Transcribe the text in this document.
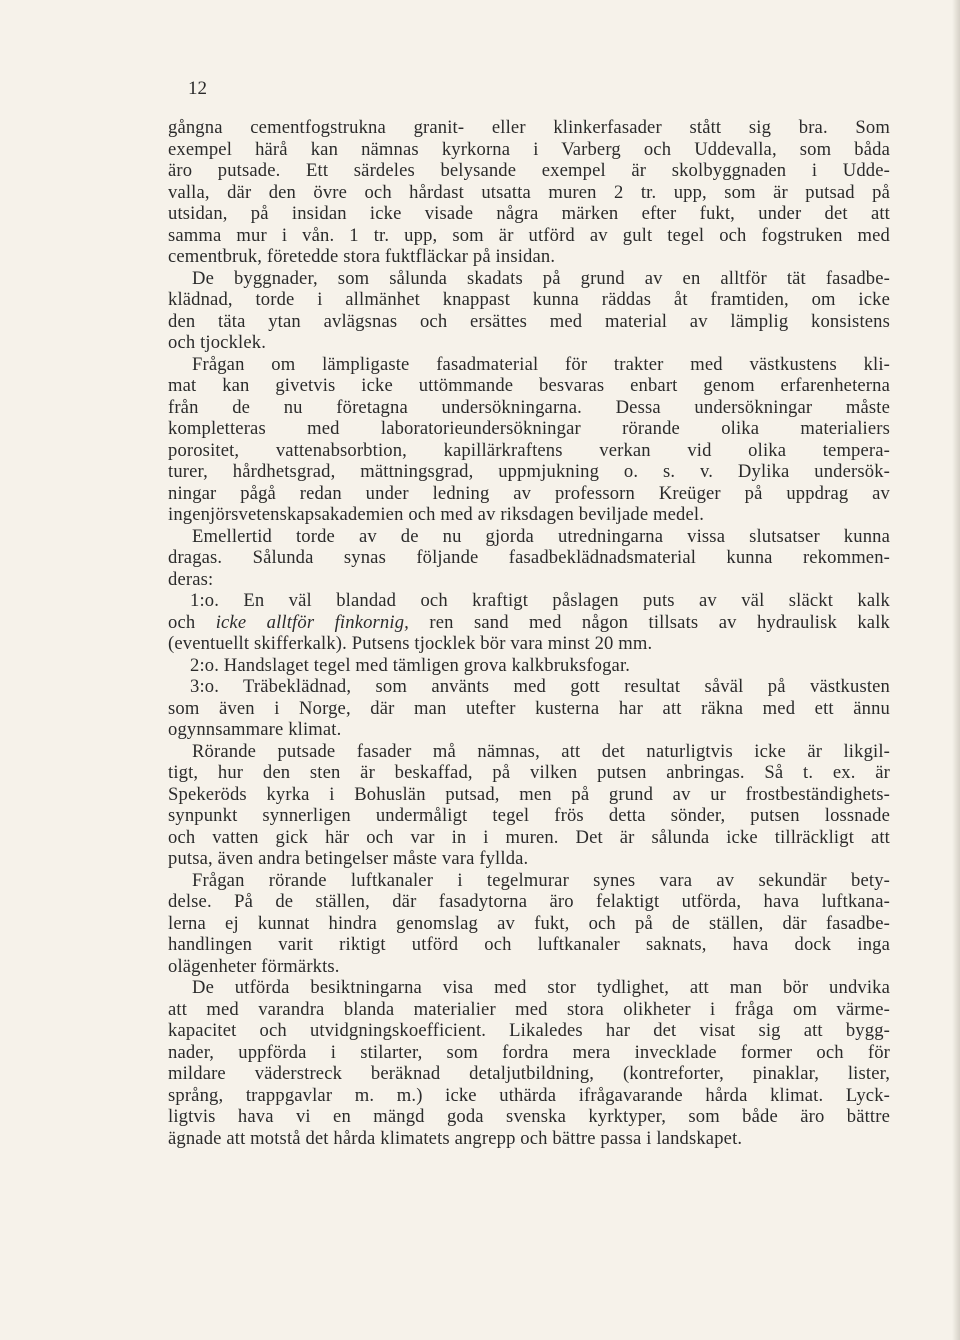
12
gångna cementfogstrukna granit- eller klinkerfasader stått sig bra. Som
exempel härå kan nämnas kyrkorna i Varberg och Uddevalla, som båda
äro putsade. Ett särdeles belysande exempel är skolbyggnaden i Udde-
valla, där den övre och hårdast utsatta muren 2 tr. upp, som är putsad på
utsidan, på insidan icke visade några märken efter fukt, under det att
samma mur i vån. 1 tr. upp, som är utförd av gult tegel och fogstruken med
cementbruk, företedde stora fuktfläckar på insidan.
De byggnader, som sålunda skadats på grund av en alltför tät fasadbe-
klädnad, torde i allmänhet knappast kunna räddas åt framtiden, om icke
den täta ytan avlägsnas och ersättes med material av lämplig konsistens
och tjocklek.
Frågan om lämpligaste fasadmaterial för trakter med västkustens kli-
mat kan givetvis icke uttömmande besvaras enbart genom erfarenheterna
från de nu företagna undersökningarna. Dessa undersökningar måste
kompletteras med laboratorieundersökningar rörande olika materialiers
porositet, vattenabsorbtion, kapillärkraftens verkan vid olika tempera-
turer, hårdhetsgrad, mättningsgrad, uppmjukning o. s. v. Dylika undersök-
ningar pågå redan under ledning av professorn Kreüger på uppdrag av
ingenjörsvetenskapsakademien och med av riksdagen beviljade medel.
Emellertid torde av de nu gjorda utredningarna vissa slutsatser kunna
dragas. Sålunda synas följande fasadbeklädnadsmaterial kunna rekommen-
deras:
1:o. En väl blandad och kraftigt påslagen puts av väl släckt kalk
och icke alltför finkornig, ren sand med någon tillsats av hydraulisk kalk
(eventuellt skifferkalk). Putsens tjocklek bör vara minst 20 mm.
2:o. Handslaget tegel med tämligen grova kalkbruksfogar.
3:o. Träbeklädnad, som använts med gott resultat såväl på västkusten
som även i Norge, där man utefter kusterna har att räkna med ett ännu
ogynnsammare klimat.
Rörande putsade fasader må nämnas, att det naturligtvis icke är likgil-
tigt, hur den sten är beskaffad, på vilken putsen anbringas. Så t. ex. är
Spekeröds kyrka i Bohuslän putsad, men på grund av ur frostbeständighets-
synpunkt synnerligen undermåligt tegel frös detta sönder, putsen lossnade
och vatten gick här och var in i muren. Det är sålunda icke tillräckligt att
putsa, även andra betingelser måste vara fyllda.
Frågan rörande luftkanaler i tegelmurar synes vara av sekundär bety-
delse. På de ställen, där fasadytorna äro felaktigt utförda, hava luftkana-
lerna ej kunnat hindra genomslag av fukt, och på de ställen, där fasadbe-
handlingen varit riktigt utförd och luftkanaler saknats, hava dock inga
olägenheter förmärkts.
De utförda besiktningarna visa med stor tydlighet, att man bör undvika
att med varandra blanda materialier med stora olikheter i fråga om värme-
kapacitet och utvidgningskoefficient. Likaledes har det visat sig att bygg-
nader, uppförda i stilarter, som fordra mera invecklade former och för
mildare väderstreck beräknad detaljutbildning, (kontreforter, pinaklar, lister,
språng, trappgavlar m. m.) icke uthärda ifrågavarande hårda klimat. Lyck-
ligtvis hava vi en mängd goda svenska kyrktyper, som både äro bättre
ägnade att motstå det hårda klimatets angrepp och bättre passa i landskapet.
